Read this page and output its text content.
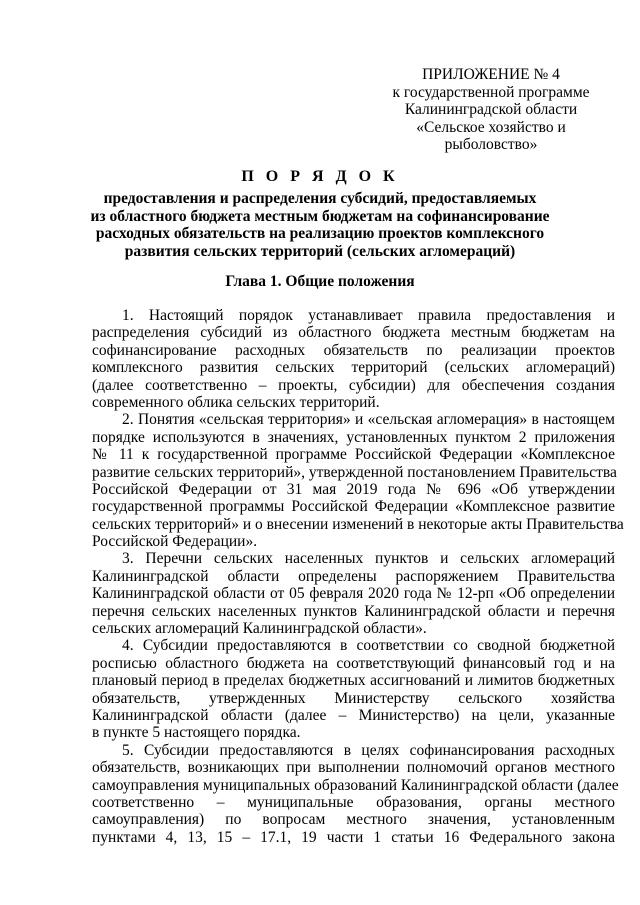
ПРИЛОЖЕНИЕ № 4
к государственной программе
Калининградской области
«Сельское хозяйство и
рыболовство»
П О Р Я Д О К
предоставления и распределения субсидий, предоставляемых
из областного бюджета местным бюджетам на софинансирование
расходных обязательств на реализацию проектов комплексного
развития сельских территорий (сельских агломераций)
Глава 1. Общие положения
1. Настоящий порядок устанавливает правила предоставления и
распределения субсидий из областного бюджета местным бюджетам на
софинансирование расходных обязательств по реализации проектов
комплексного развития сельских территорий (сельских агломераций)
(далее соответственно – проекты, субсидии) для обеспечения создания
современного облика сельских территорий.
2. Понятия «сельская территория» и «сельская агломерация» в настоящем
порядке используются в значениях, установленных пунктом 2 приложения
№ 11 к государственной программе Российской Федерации «Комплексное
развитие сельских территорий», утвержденной постановлением Правительства
Российской Федерации от 31 мая 2019 года № 696 «Об утверждении
государственной программы Российской Федерации «Комплексное развитие
сельских территорий» и о внесении изменений в некоторые акты Правительства
Российской Федерации».
3. Перечни сельских населенных пунктов и сельских агломераций
Калининградской области определены распоряжением Правительства
Калининградской области от 05 февраля 2020 года № 12-рп «Об определении
перечня сельских населенных пунктов Калининградской области и перечня
сельских агломераций Калининградской области».
4. Субсидии предоставляются в соответствии со сводной бюджетной
росписью областного бюджета на соответствующий финансовый год и на
плановый период в пределах бюджетных ассигнований и лимитов бюджетных
обязательств, утвержденных Министерству сельского хозяйства
Калининградской области (далее – Министерство) на цели, указанные
в пункте 5 настоящего порядка.
5. Субсидии предоставляются в целях софинансирования расходных
обязательств, возникающих при выполнении полномочий органов местного
самоуправления муниципальных образований Калининградской области (далее
соответственно – муниципальные образования, органы местного
самоуправления) по вопросам местного значения, установленным
пунктами 4, 13, 15 – 17.1, 19 части 1 статьи 16 Федерального закона
